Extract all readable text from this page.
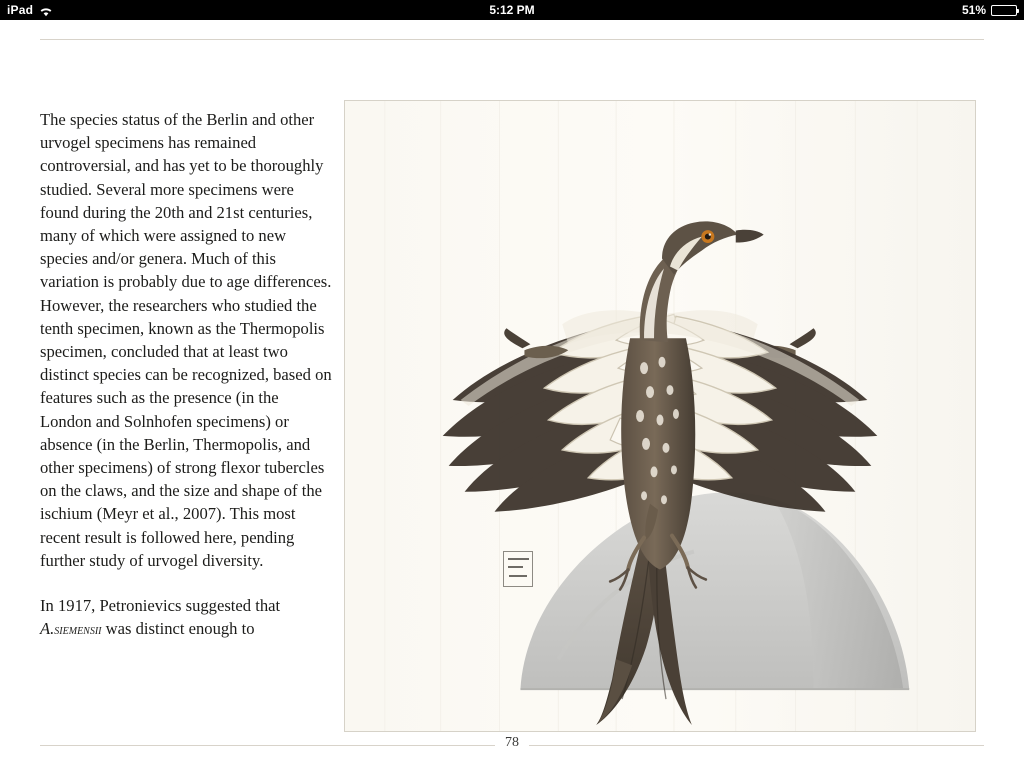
iPad	5:12 PM	51%

The species status of the Berlin and other urvogel specimens has remained controversial, and has yet to be thoroughly studied. Several more specimens were found during the 20th and 21st centuries, many of which were assigned to new species and/or genera. Much of this variation is probably due to age differences. However, the researchers who studied the tenth specimen, known as the Thermopolis specimen, concluded that at least two distinct species can be recognized, based on features such as the presence (in the London and Solnhofen specimens) or absence (in the Berlin, Thermopolis, and other specimens) of strong flexor tubercles on the claws, and the size and shape of the ischium (Meyr et al., 2007). This most recent result is followed here, pending further study of urvogel diversity.

In 1917, Petronievics suggested that A.siemensii was distinct enough to

78
